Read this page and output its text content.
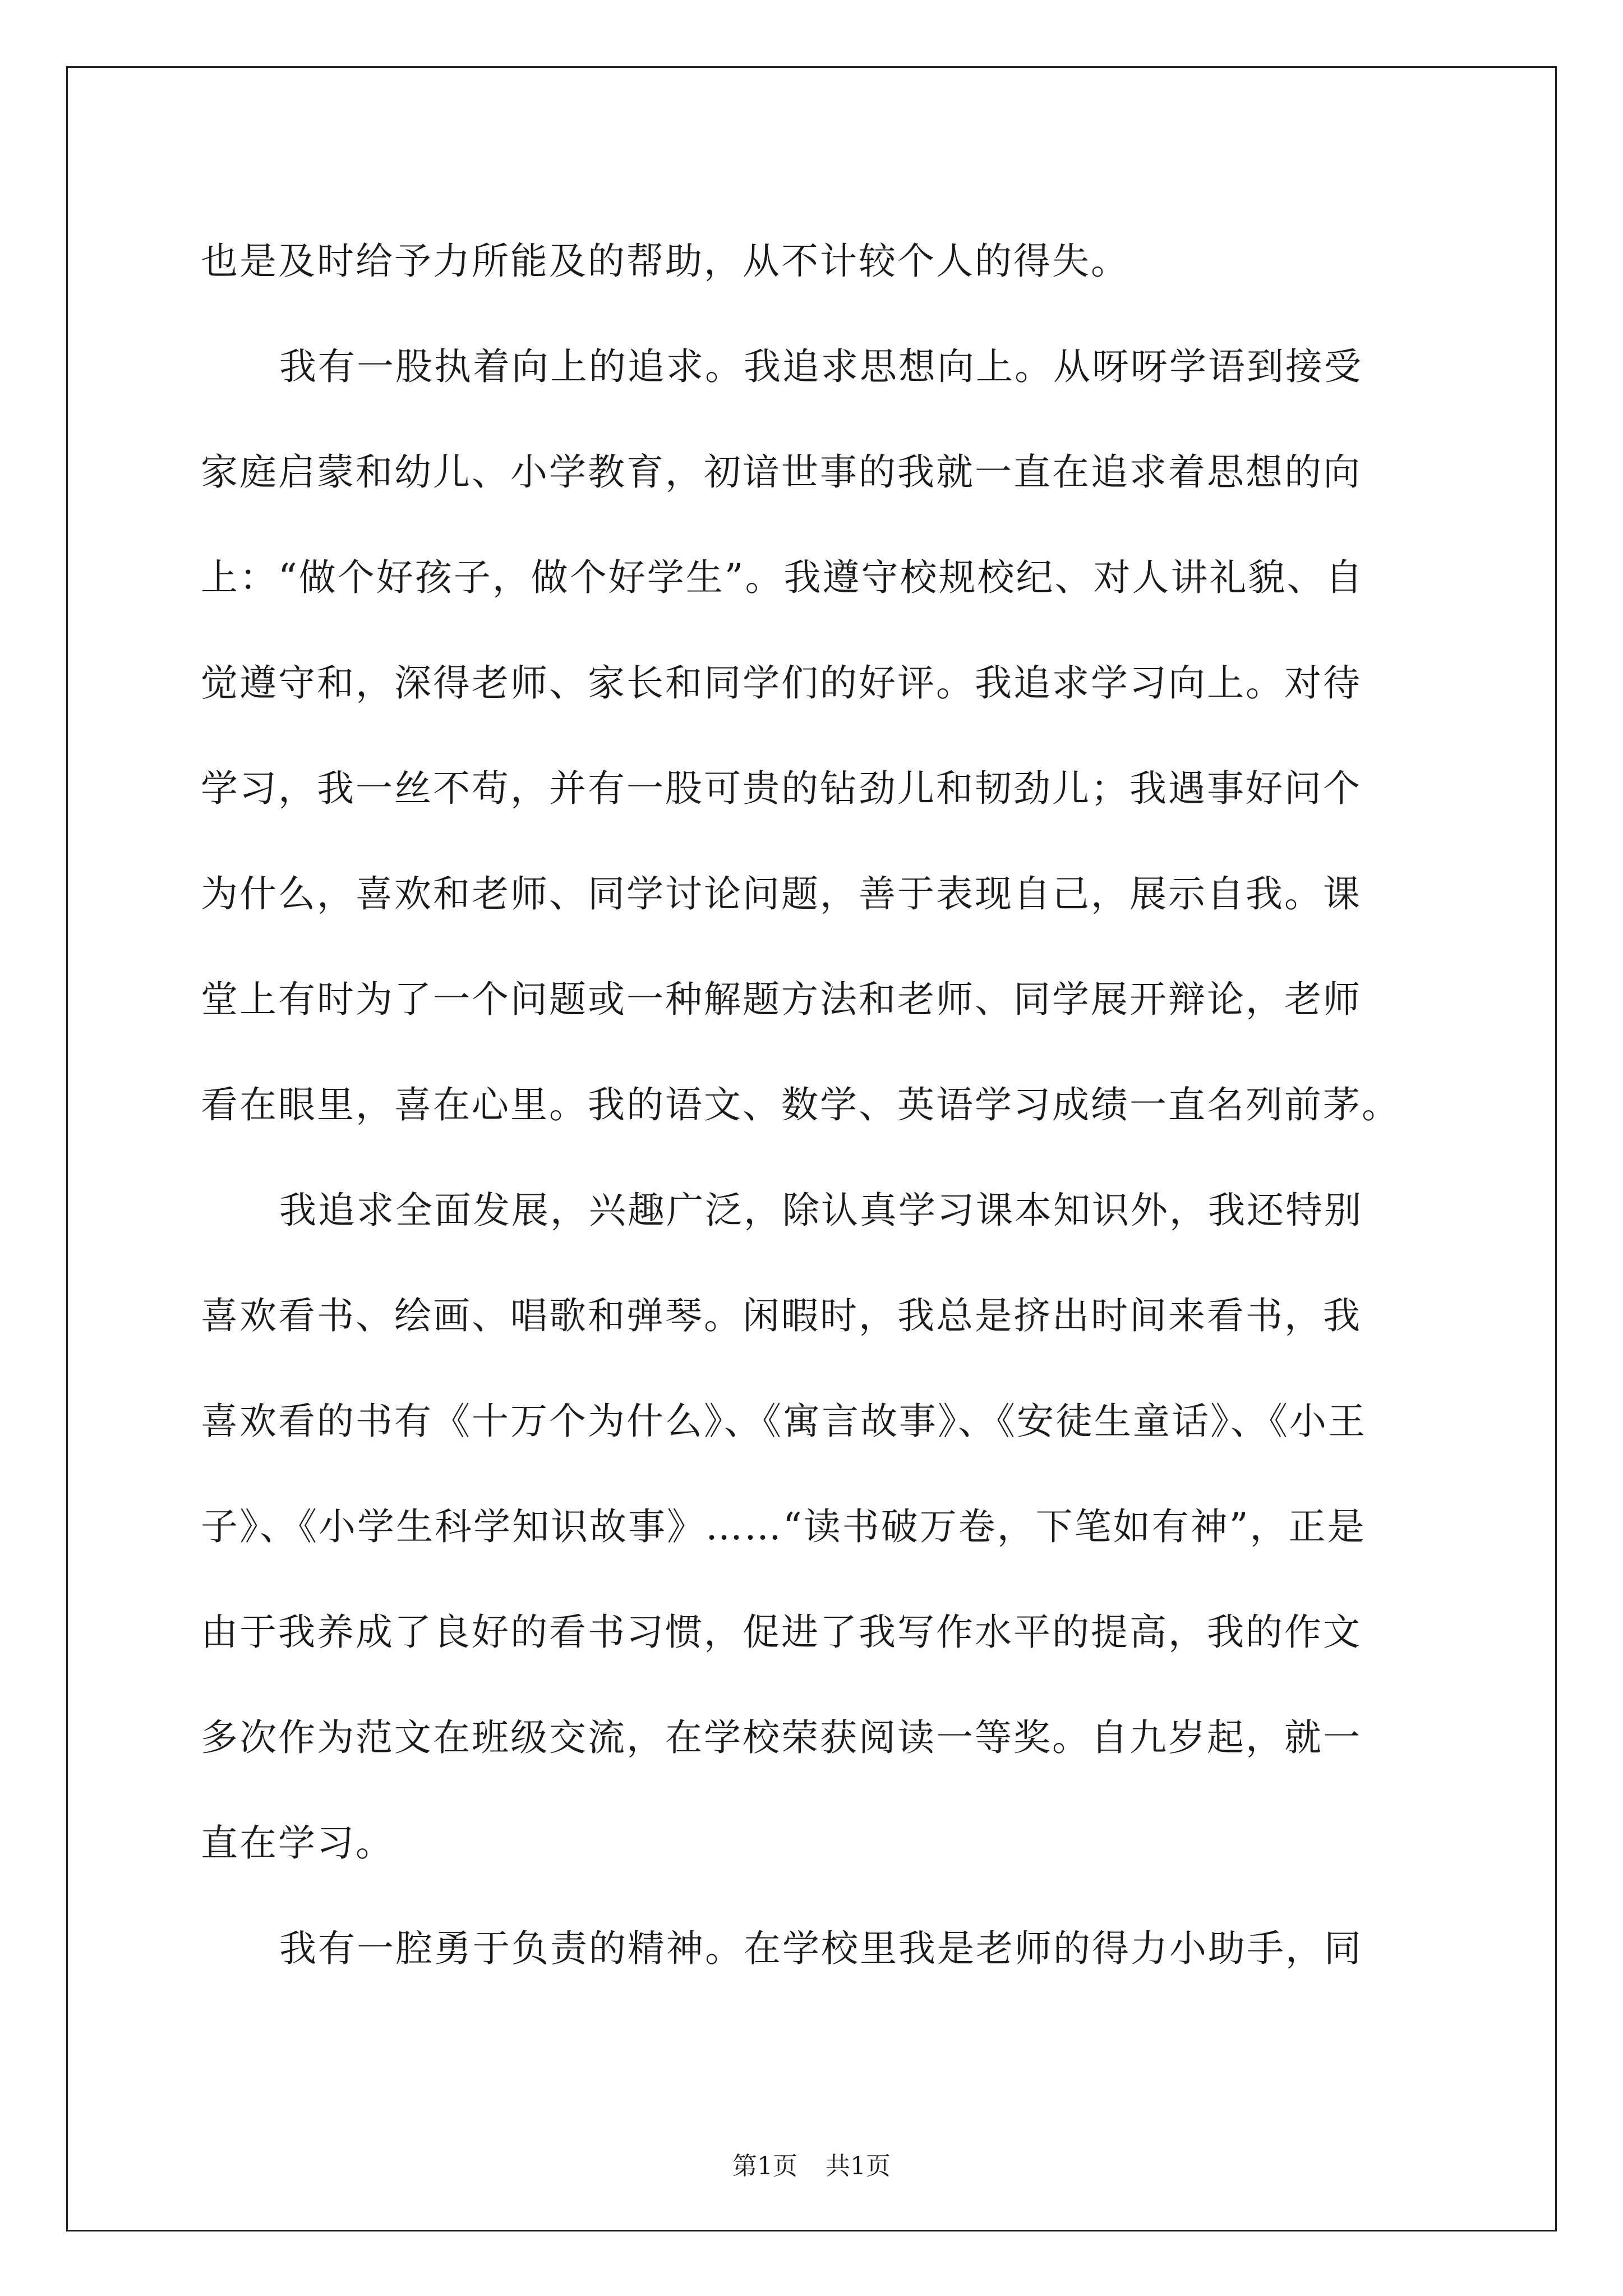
也是及时给予力所能及的帮助，从不计较个人的得失。
我有一股执着向上的追求。我追求思想向上。从呀呀学语到接受
家庭启蒙和幼儿、小学教育，初谙世事的我就一直在追求着思想的向
上：“做个好孩子，做个好学生”。我遵守校规校纪、对人讲礼貌、自
觉遵守和，深得老师、家长和同学们的好评。我追求学习向上。对待
学习，我一丝不苟，并有一股可贵的钻劲儿和韧劲儿；我遇事好问个
为什么，喜欢和老师、同学讨论问题，善于表现自己，展示自我。课
堂上有时为了一个问题或一种解题方法和老师、同学展开辩论，老师
看在眼里，喜在心里。我的语文、数学、英语学习成绩一直名列前茅。
我追求全面发展，兴趣广泛，除认真学习课本知识外，我还特别
喜欢看书、绘画、唱歌和弹琴。闲暇时，我总是挤出时间来看书，我
喜欢看的书有《十万个为什么》、《寓言故事》、《安徒生童话》、《小王
子》、《小学生科学知识故事》……“读书破万卷，下笔如有神”，正是
由于我养成了良好的看书习惯，促进了我写作水平的提高，我的作文
多次作为范文在班级交流，在学校荣获阅读一等奖。自九岁起，就一
直在学习。
我有一腔勇于负责的精神。在学校里我是老师的得力小助手，同
第1页 共1页
